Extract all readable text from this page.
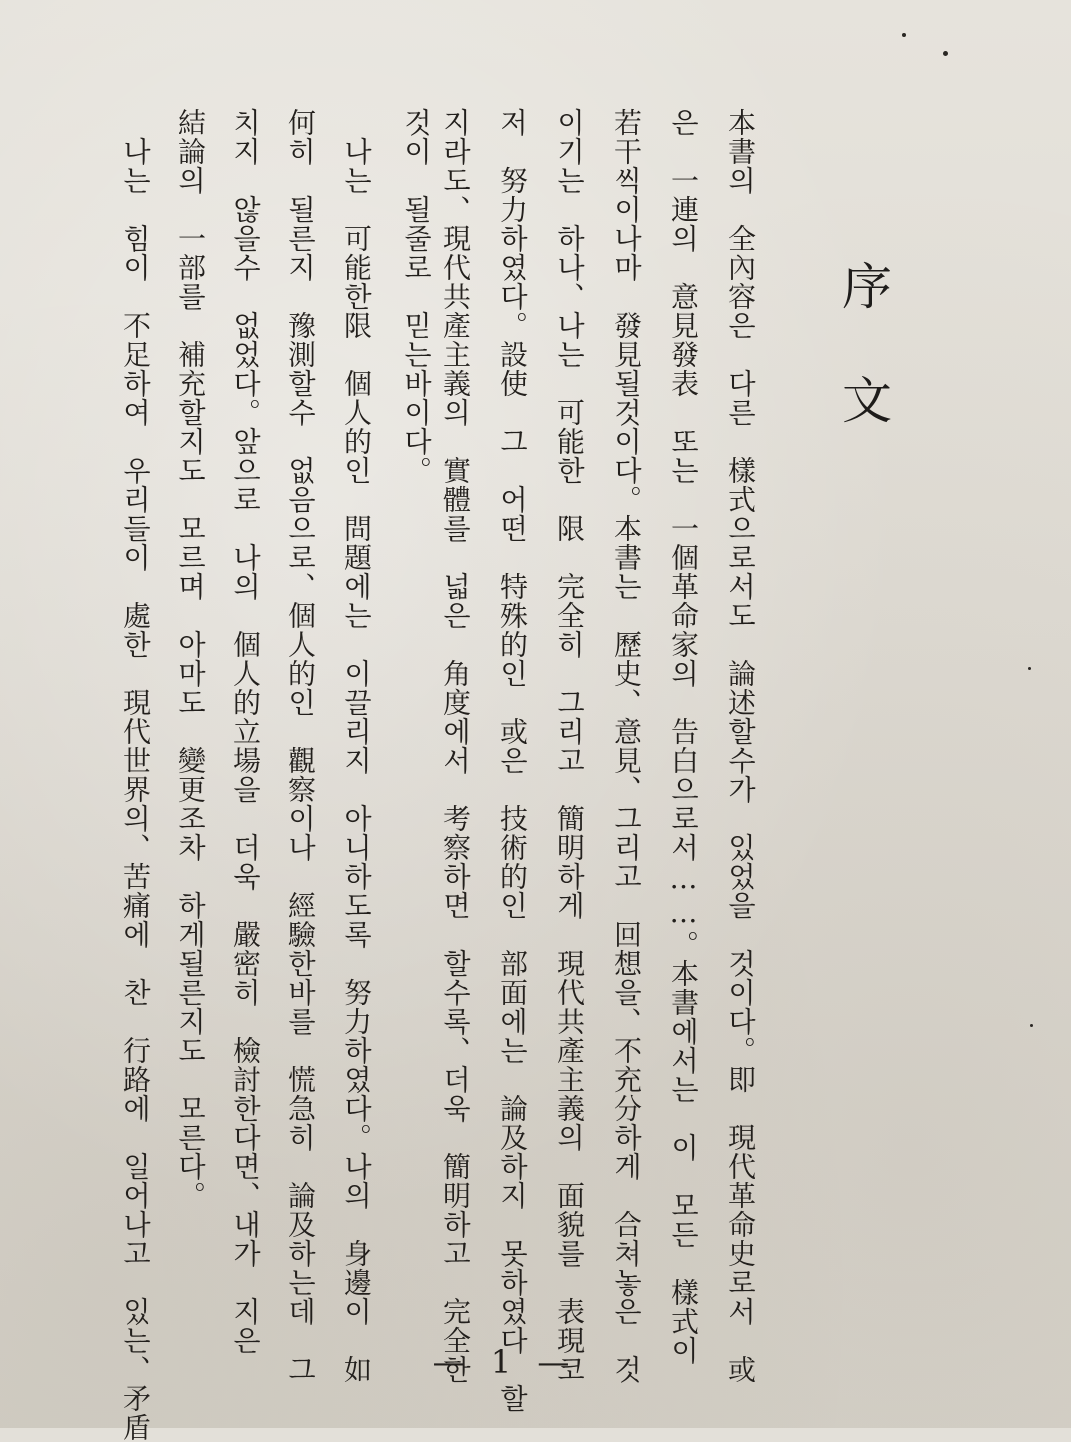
序
文
本書의　全內容은　다른　樣式으로서도　論述할수가　있었을　것이다。即　現代革命史로서　或
은　一連의　意見發表　또는　一個革命家의　告白으로서……。本書에서는　이　모든　樣式이
若干씩이나마　發見될것이다。本書는　歷史、意見、그리고　回想을、不充分하게　合쳐놓은　것
이기는　하나、나는　可能한　限　完全히　그리고　簡明하게　現代共產主義의　面貌를　表現코
저　努力하였다。設使　그　어떤　特殊的인　或은　技術的인　部面에는　論及하지　못하였다　할
지라도、現代共產主義의　實體를　넓은　角度에서　考察하면　할수록、더욱　簡明하고　完全한
것이　될줄로　믿는바이다。
　나는　可能한限　個人的인　問題에는　이끌리지　아니하도록　努力하였다。나의　身邊이　如
何히　될른지　豫測할수　없음으로、個人的인　觀察이나　經驗한바를　慌急히　論及하는데　그
치지　않을수　없었다。앞으로　나의　個人的立場을　더욱　嚴密히　檢討한다면、내가　지은
結論의　一部를　補充할지도　모르며　아마도　變更조차　하게될른지도　모른다。
　나는　힘이　不足하여　우리들이　處한　現代世界의、苦痛에　찬　行路에　일어나고　있는、矛盾	— 1 —
